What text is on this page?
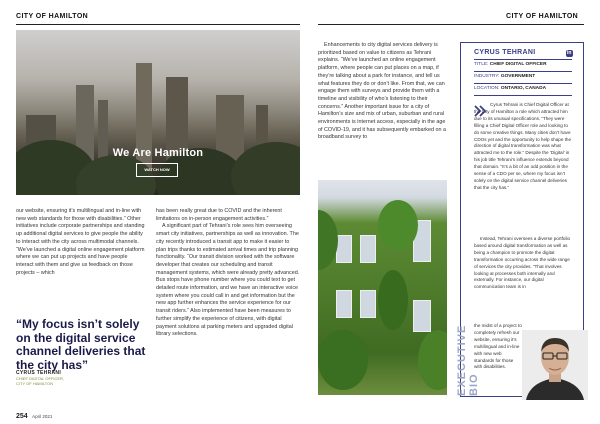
CITY OF HAMILTON	CITY OF HAMILTON
We Are Hamilton
WATCH NOW

our website, ensuring it’s multilingual and in-line with new web standards for those with disabilities.” Other initiatives include corporate partnerships and standing up additional digital services to give people the ability to interact with the city across multimodal channels. “We’ve launched a digital online engagement platform where we can put up projects and have people interact with them and give us feedback on those projects – which

“My focus isn’t solely on the digital service channel deliveries that the city has”
CYRUS TEHRANI
CHIEF DIGITAL OFFICER,
CITY OF HAMILTON

has been really great due to COVID and the inherent limitations on in-person engagement activities.”

A significant part of Tehrani’s role sees him overseeing smart city initiatives, partnerships as well as innovation. The city recently introduced a transit app to make it easier to plan trips thanks to estimated arrival times and trip planning functionality. “Our transit division worked with the software developer that creates our scheduling and transit management systems, which were already pretty advanced. Bus stops have phone number where you could text to get detailed route information, and we have an interactive voice system where you could call in and get information but the new app further enhances the service experience for our transit riders.” Also implemented have been measures to further simplify the experience of citizens, with digital payment solutions at parking meters and upgraded digital library selections.

254 April 2021

Enhancements to city digital services delivery is prioritized based on value to citizens as Tehrani explains. “We’ve launched an online engagement platform, where people can put places on a map, if they’re talking about a park for instance, and tell us what features they do or don’t like. From that, we can engage them with surveys and provide them with a timeline and visibility of who’s listening to their concerns.” Another important issue for a city of Hamilton’s size and mix of urban, suburban and rural environments is internet access, especially in the age of COVID-19, and it has subsequently embarked on a broadband survey to

CYRUS TEHRANI	in
TITLE: CHIEF DIGITAL OFFICER
INDUSTRY: GOVERNMENT
LOCATION: ONTARIO, CANADA
Cyrus Tehrani is Chief Digital Officer at the City of Hamilton a role which attracted him due to its unusual specifications. “They were filling a Chief Digital Officer role and looking to do some creative things. Many cities don’t have CDOs yet and the opportunity to help shape the direction of digital transformation was what attracted me to the role.” Despite the ‘Digital’ in his job title Tehrani’s influence extends beyond that domain. “It’s a bit of an odd position in the sense of a CDO per se, where my focus isn’t solely on the digital service channel deliveries that the city has.”
Instead, Tehrani oversees a diverse portfolio based around digital transformation as well as being a champion to promote the digital transformation occurring across the wide range of services the city provides. “That involves looking at processes both internally and externally. For instance, our digital communication team is in
the midst of a project to completely refresh our website, ensuring it’s multilingual and in-line with new web standards for those with disabilities.
EXECUTIVE BIO
